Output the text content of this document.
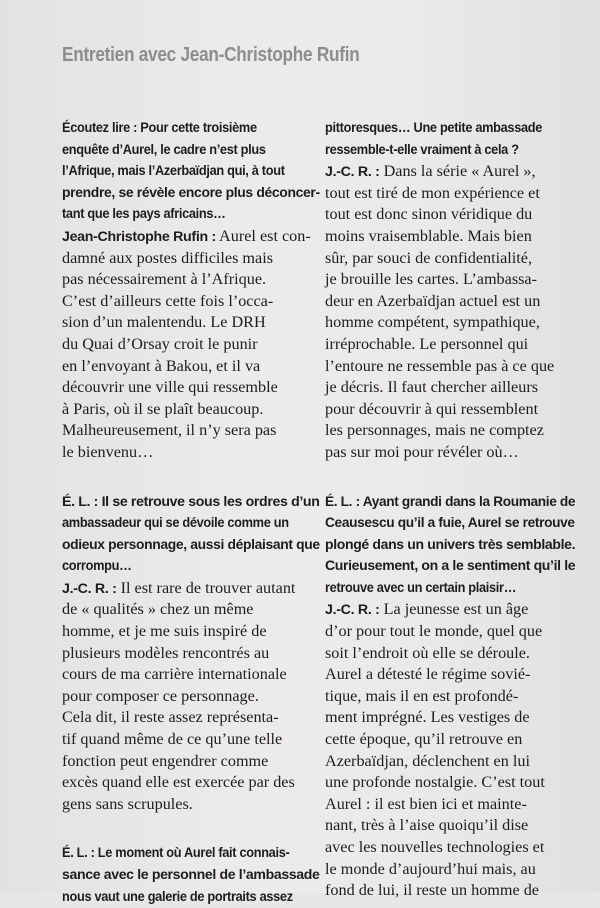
Entretien avec Jean-Christophe Rufin
Écoutez lire : Pour cette troisième
enquête d’Aurel, le cadre n’est plus
l’Afrique, mais l’Azerbaïdjan qui, à tout
prendre, se révèle encore plus déconcer-
tant que les pays africains…
Jean-Christophe Rufin : Aurel est con-
damné aux postes difficiles mais
pas nécessairement à l’Afrique.
C’est d’ailleurs cette fois l’occa-
sion d’un malentendu. Le DRH
du Quai d’Orsay croit le punir
en l’envoyant à Bakou, et il va
découvrir une ville qui ressemble
à Paris, où il se plaît beaucoup.
Malheureusement, il n’y sera pas
le bienvenu…
É. L. : Il se retrouve sous les ordres d’un
ambassadeur qui se dévoile comme un
odieux personnage, aussi déplaisant que
corrompu…
J.-C. R. : Il est rare de trouver autant
de « qualités » chez un même
homme, et je me suis inspiré de
plusieurs modèles rencontrés au
cours de ma carrière internationale
pour composer ce personnage.
Cela dit, il reste assez représenta-
tif quand même de ce qu’une telle
fonction peut engendrer comme
excès quand elle est exercée par des
gens sans scrupules.
É. L. : Le moment où Aurel fait connais-
sance avec le personnel de l’ambassade
nous vaut une galerie de portraits assez
pittoresques… Une petite ambassade
ressemble-t-elle vraiment à cela ?
J.-C. R. : Dans la série « Aurel »,
tout est tiré de mon expérience et
tout est donc sinon véridique du
moins vraisemblable. Mais bien
sûr, par souci de confidentialité,
je brouille les cartes. L’ambassa-
deur en Azerbaïdjan actuel est un
homme compétent, sympathique,
irréprochable. Le personnel qui
l’entoure ne ressemble pas à ce que
je décris. Il faut chercher ailleurs
pour découvrir à qui ressemblent
les personnages, mais ne comptez
pas sur moi pour révéler où…
É. L. : Ayant grandi dans la Roumanie de
Ceausescu qu’il a fuie, Aurel se retrouve
plongé dans un univers très semblable.
Curieusement, on a le sentiment qu’il le
retrouve avec un certain plaisir…
J.-C. R. : La jeunesse est un âge
d’or pour tout le monde, quel que
soit l’endroit où elle se déroule.
Aurel a détesté le régime sovié-
tique, mais il en est profondé-
ment imprégné. Les vestiges de
cette époque, qu’il retrouve en
Azerbaïdjan, déclenchent en lui
une profonde nostalgie. C’est tout
Aurel : il est bien ici et mainte-
nant, très à l’aise quoiqu’il dise
avec les nouvelles technologies et
le monde d’aujourd’hui mais, au
fond de lui, il reste un homme de
